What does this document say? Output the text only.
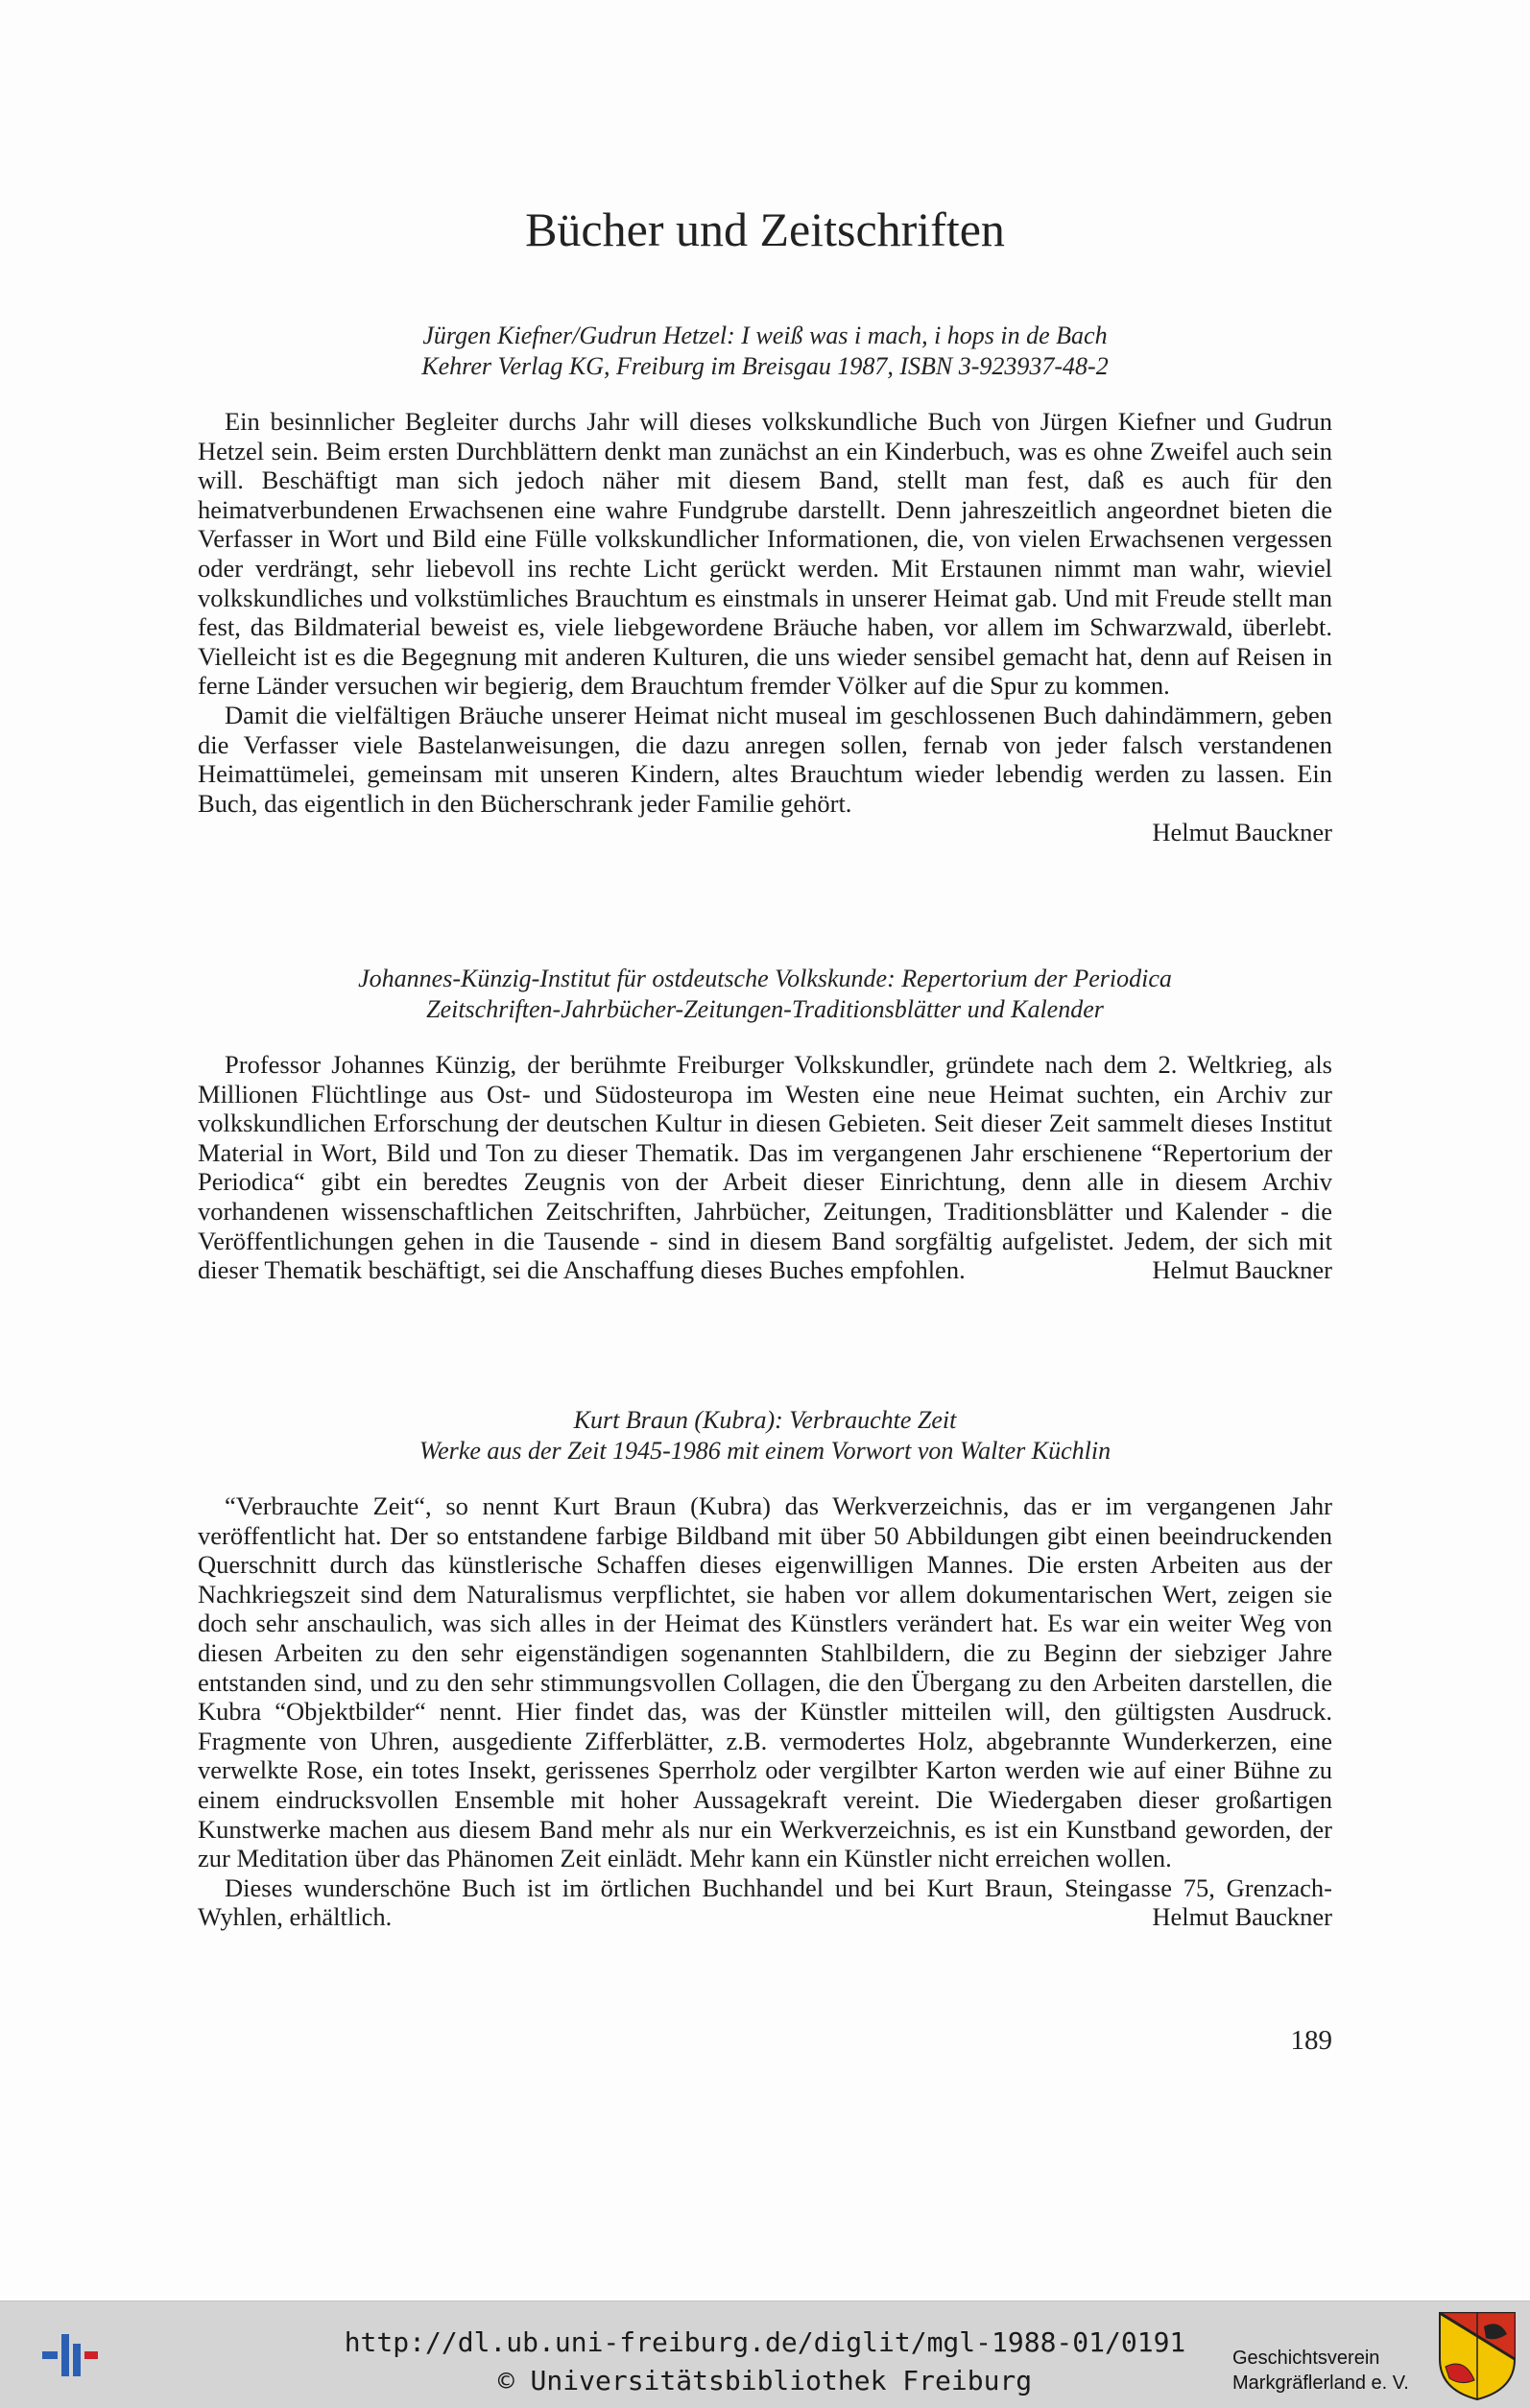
Bücher und Zeitschriften
Jürgen Kiefner/Gudrun Hetzel: I weiß was i mach, i hops in de Bach
Kehrer Verlag KG, Freiburg im Breisgau 1987, ISBN 3-923937-48-2

Ein besinnlicher Begleiter durchs Jahr will dieses volkskundliche Buch von Jürgen Kiefner und Gudrun Hetzel sein. Beim ersten Durchblättern denkt man zunächst an ein Kinderbuch, was es ohne Zweifel auch sein will. Beschäftigt man sich jedoch näher mit diesem Band, stellt man fest, daß es auch für den heimatverbundenen Erwachsenen eine wahre Fundgrube darstellt. Denn jahreszeitlich angeordnet bieten die Verfasser in Wort und Bild eine Fülle volkskundlicher Informationen, die, von vielen Erwachsenen vergessen oder verdrängt, sehr liebevoll ins rechte Licht gerückt werden. Mit Erstaunen nimmt man wahr, wieviel volkskundliches und volkstümliches Brauchtum es einstmals in unserer Heimat gab. Und mit Freude stellt man fest, das Bildmaterial beweist es, viele liebgewordene Bräuche haben, vor allem im Schwarzwald, überlebt. Vielleicht ist es die Begegnung mit anderen Kulturen, die uns wieder sensibel gemacht hat, denn auf Reisen in ferne Länder versuchen wir begierig, dem Brauchtum fremder Völker auf die Spur zu kommen.

Damit die vielfältigen Bräuche unserer Heimat nicht museal im geschlossenen Buch dahindämmern, geben die Verfasser viele Bastelanweisungen, die dazu anregen sollen, fernab von jeder falsch verstandenen Heimattümelei, gemeinsam mit unseren Kindern, altes Brauchtum wieder lebendig werden zu lassen. Ein Buch, das eigentlich in den Bücherschrank jeder Familie gehört.

Helmut Bauckner
Johannes-Künzig-Institut für ostdeutsche Volkskunde: Repertorium der Periodica
Zeitschriften-Jahrbücher-Zeitungen-Traditionsblätter und Kalender

Professor Johannes Künzig, der berühmte Freiburger Volkskundler, gründete nach dem 2. Weltkrieg, als Millionen Flüchtlinge aus Ost- und Südosteuropa im Westen eine neue Heimat suchten, ein Archiv zur volkskundlichen Erforschung der deutschen Kultur in diesen Gebieten. Seit dieser Zeit sammelt dieses Institut Material in Wort, Bild und Ton zu dieser Thematik. Das im vergangenen Jahr erschienene “Repertorium der Periodica“ gibt ein beredtes Zeugnis von der Arbeit dieser Einrichtung, denn alle in diesem Archiv vorhandenen wissenschaftlichen Zeitschriften, Jahrbücher, Zeitungen, Traditionsblätter und Kalender - die Veröffentlichungen gehen in die Tausende - sind in diesem Band sorgfältig aufgelistet. Jedem, der sich mit dieser Thematik beschäftigt, sei die Anschaffung dieses Buches empfohlen.	Helmut Bauckner

Kurt Braun (Kubra): Verbrauchte Zeit
Werke aus der Zeit 1945-1986 mit einem Vorwort von Walter Küchlin

“Verbrauchte Zeit“, so nennt Kurt Braun (Kubra) das Werkverzeichnis, das er im vergangenen Jahr veröffentlicht hat. Der so entstandene farbige Bildband mit über 50 Abbildungen gibt einen beeindruckenden Querschnitt durch das künstlerische Schaffen dieses eigenwilligen Mannes. Die ersten Arbeiten aus der Nachkriegszeit sind dem Naturalismus verpflichtet, sie haben vor allem dokumentarischen Wert, zeigen sie doch sehr anschaulich, was sich alles in der Heimat des Künstlers verändert hat. Es war ein weiter Weg von diesen Arbeiten zu den sehr eigenständigen sogenannten Stahlbildern, die zu Beginn der siebziger Jahre entstanden sind, und zu den sehr stimmungsvollen Collagen, die den Übergang zu den Arbeiten darstellen, die Kubra “Objektbilder“ nennt. Hier findet das, was der Künstler mitteilen will, den gültigsten Ausdruck. Fragmente von Uhren, ausgediente Zifferblätter, z.B. vermodertes Holz, abgebrannte Wunderkerzen, eine verwelkte Rose, ein totes Insekt, gerissenes Sperrholz oder vergilbter Karton werden wie auf einer Bühne zu einem eindrucksvollen Ensemble mit hoher Aussagekraft vereint. Die Wiedergaben dieser großartigen Kunstwerke machen aus diesem Band mehr als nur ein Werkverzeichnis, es ist ein Kunstband geworden, der zur Meditation über das Phänomen Zeit einlädt. Mehr kann ein Künstler nicht erreichen wollen.

Dieses wunderschöne Buch ist im örtlichen Buchhandel und bei Kurt Braun, Steingasse 75, Grenzach-Wyhlen, erhältlich.	Helmut Bauckner

189
http://dl.ub.uni-freiburg.de/diglit/mgl-1988-01/0191
© Universitätsbibliothek Freiburg
Geschichtsverein
Markgräflerland e. V.
